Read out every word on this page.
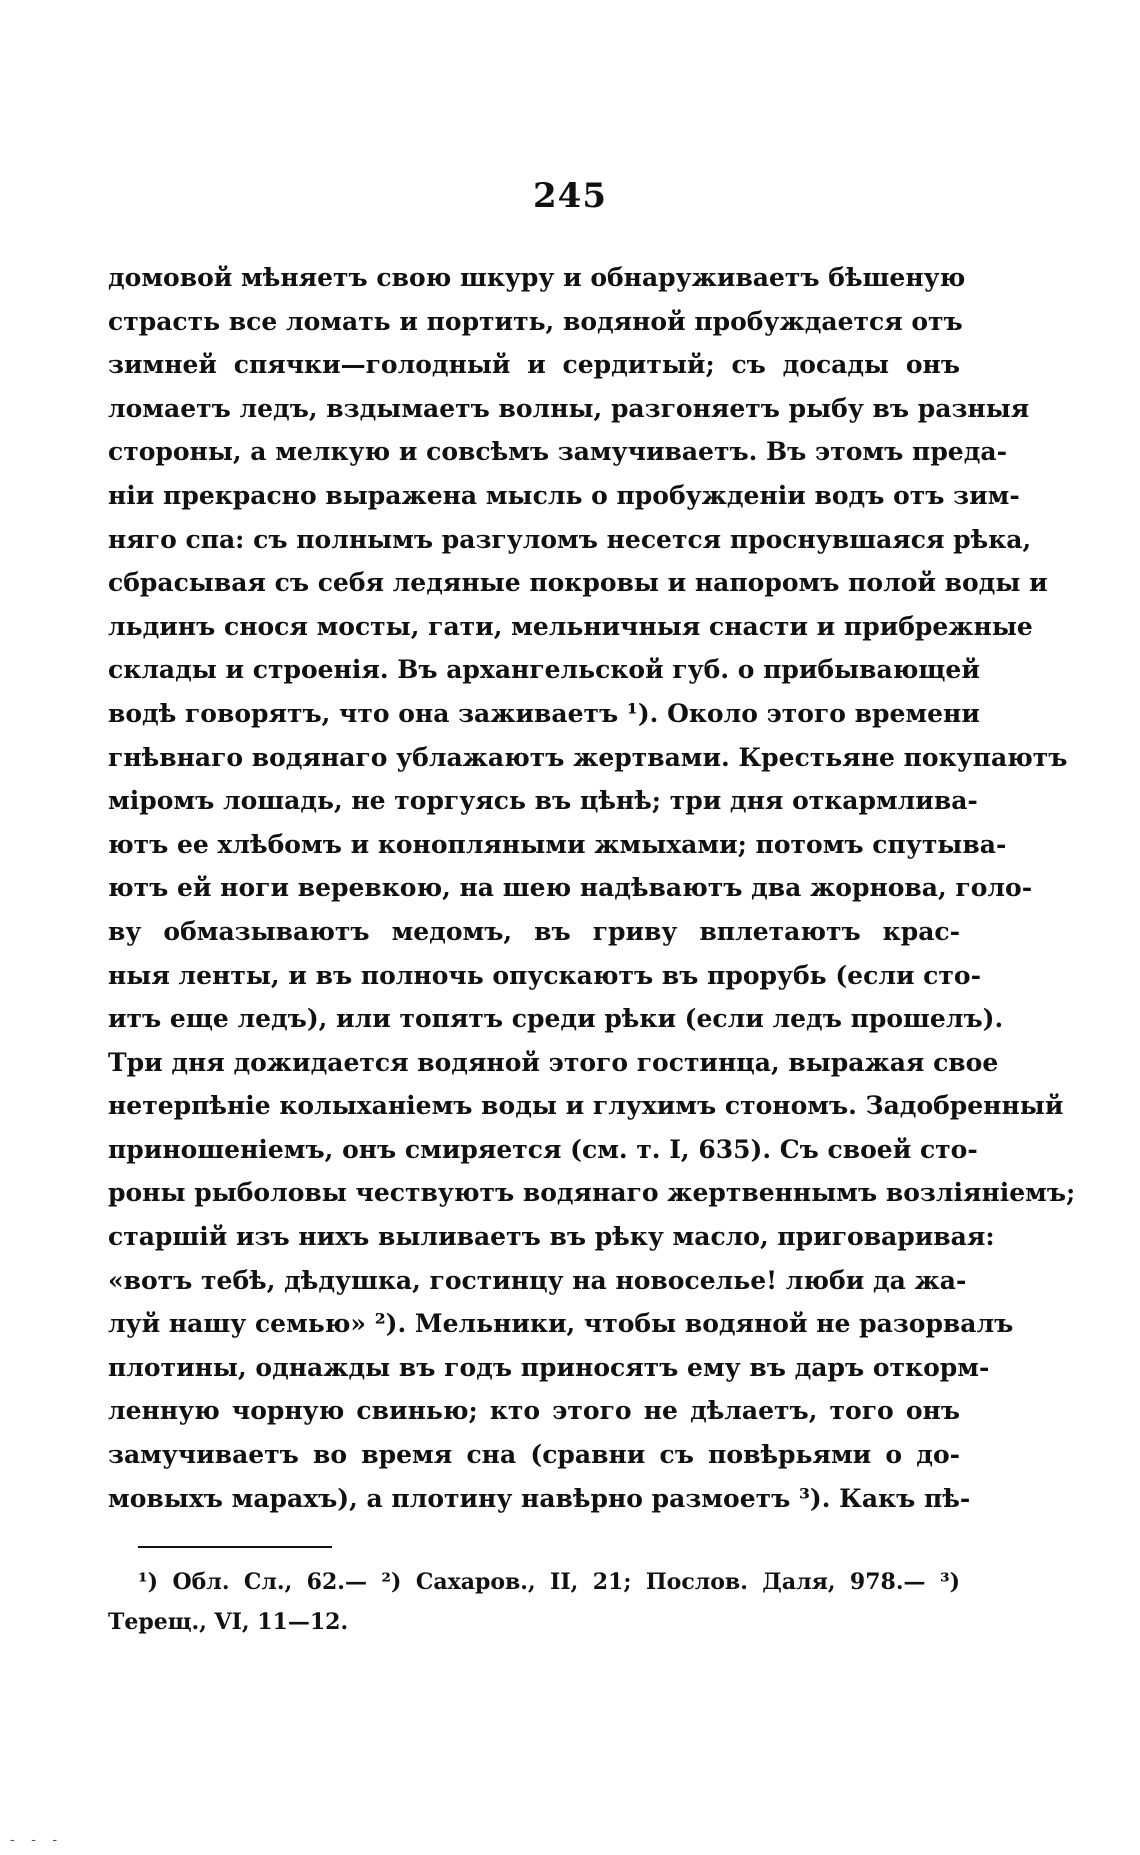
245
домовой мѣняетъ свою шкуру и обнаруживаетъ бѣшеную
страсть все ломать и портить, водяной пробуждается отъ
зимней спячки—голодный и сердитый; съ досады онъ
ломаетъ ледъ, вздымаетъ волны, разгоняетъ рыбу въ разныя
стороны, а мелкую и совсѣмъ замучиваетъ. Въ этомъ преда-
ніи прекрасно выражена мысль о пробужденіи водъ отъ зим-
няго спа: съ полнымъ разгуломъ несется проснувшаяся рѣка,
сбрасывая съ себя ледяные покровы и напоромъ полой воды и
льдинъ снося мосты, гати, мельничныя снасти и прибрежные
склады и строенія. Въ архангельской губ. о прибывающей
водѣ говорятъ, что она заживаетъ ¹). Около этого времени
гнѣвнаго водянаго ублажаютъ жертвами. Крестьяне покупаютъ
міромъ лошадь, не торгуясь въ цѣнѣ; три дня откармлива-
ютъ ее хлѣбомъ и конопляными жмыхами; потомъ спутыва-
ютъ ей ноги веревкою, на шею надѣваютъ два жорнова, голо-
ву обмазываютъ медомъ, въ гриву вплетаютъ крас-
ныя ленты, и въ полночь опускаютъ въ прорубь (если сто-
итъ еще ледъ), или топятъ среди рѣки (если ледъ прошелъ).
Три дня дожидается водяной этого гостинца, выражая свое
нетерпѣніе колыханіемъ воды и глухимъ стономъ. Задобренный
приношеніемъ, онъ смиряется (см. т. I, 635). Съ своей сто-
роны рыболовы чествуютъ водянаго жертвеннымъ возліяніемъ;
старшій изъ нихъ выливаетъ въ рѣку масло, приговаривая:
«вотъ тебѣ, дѣдушка, гостинцу на новоселье! люби да жа-
луй нашу семью» ²). Мельники, чтобы водяной не разорвалъ
плотины, однажды въ годъ приносятъ ему въ даръ откорм-
ленную чорную свинью; кто этого не дѣлаетъ, того онъ
замучиваетъ во время сна (сравни съ повѣрьями о до-
мовыхъ марахъ), а плотину навѣрно размоетъ ³). Какъ пѣ-
¹) Обл. Сл., 62.— ²) Сахаров., II, 21; Послов. Даля, 978.— ³)
Терещ., VI, 11—12.
- - -
